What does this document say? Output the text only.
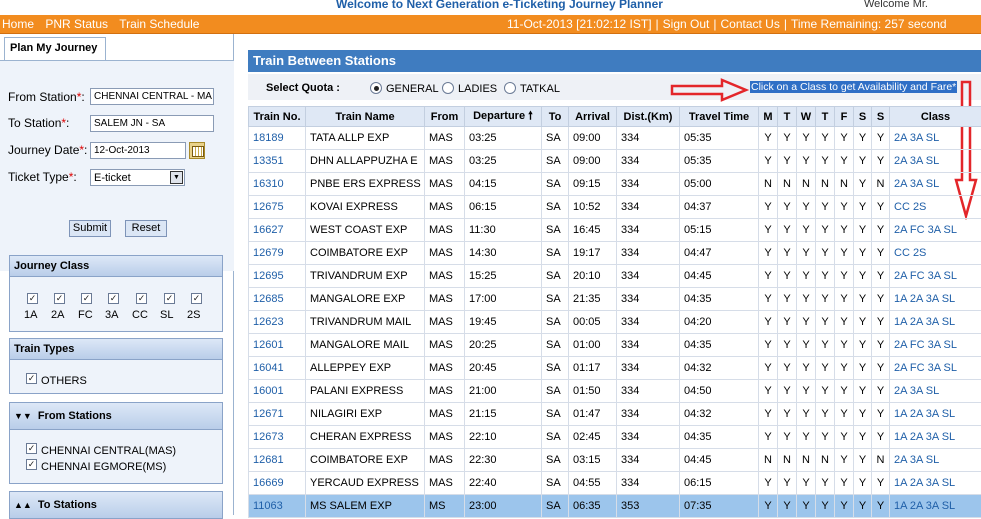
Welcome to Next Generation e-Ticketing Journey Planner	Welcome Mr.
Home PNR Status Train Schedule	11-Oct-2013 [21:02:12 IST] | Sign Out | Contact Us | Time Remaining: 257 second
Plan My Journey
From Station*: CHENNAI CENTRAL - MA
To Station*:	SALEM JN - SA
Journey Date*: 12-Oct-2013
Ticket Type*:	E-ticket	▼
Submit	Reset
Journey Class
✓ ✓ ✓ ✓ ✓ ✓ ✓
1A 2A FC 3A CC SL 2S
Train Types
✓ OTHERS
▼▼ From Stations
✓ CHENNAI CENTRAL(MAS)
✓ CHENNAI EGMORE(MS)
▲▲ To Stations
Train Between Stations
Select Quota :	GENERAL LADIES TATKAL	Click on a Class to get Availability and Fare*
Train No.	Train Name	From	Departure 🠕	To	Arrival	Dist.(Km)	Travel Time	M	T	W	T	F	S	S	Class
18189	TATA ALLP EXP	MAS	03:25	SA	09:00	334	05:35	Y	Y	Y	Y	Y	Y	Y	2A 3A SL
13351	DHN ALLAPPUZHA E	MAS	03:25	SA	09:00	334	05:35	Y	Y	Y	Y	Y	Y	Y	2A 3A SL
16310	PNBE ERS EXPRESS	MAS	04:15	SA	09:15	334	05:00	N	N	N	N	N	Y	N	2A 3A SL
12675	KOVAI EXPRESS	MAS	06:15	SA	10:52	334	04:37	Y	Y	Y	Y	Y	Y	Y	CC 2S
16627	WEST COAST EXP	MAS	11:30	SA	16:45	334	05:15	Y	Y	Y	Y	Y	Y	Y	2A FC 3A SL
12679	COIMBATORE EXP	MAS	14:30	SA	19:17	334	04:47	Y	Y	Y	Y	Y	Y	Y	CC 2S
12695	TRIVANDRUM EXP	MAS	15:25	SA	20:10	334	04:45	Y	Y	Y	Y	Y	Y	Y	2A FC 3A SL
12685	MANGALORE EXP	MAS	17:00	SA	21:35	334	04:35	Y	Y	Y	Y	Y	Y	Y	1A 2A 3A SL
12623	TRIVANDRUM MAIL	MAS	19:45	SA	00:05	334	04:20	Y	Y	Y	Y	Y	Y	Y	1A 2A 3A SL
12601	MANGALORE MAIL	MAS	20:25	SA	01:00	334	04:35	Y	Y	Y	Y	Y	Y	Y	2A FC 3A SL
16041	ALLEPPEY EXP	MAS	20:45	SA	01:17	334	04:32	Y	Y	Y	Y	Y	Y	Y	2A FC 3A SL
16001	PALANI EXPRESS	MAS	21:00	SA	01:50	334	04:50	Y	Y	Y	Y	Y	Y	Y	2A 3A SL
12671	NILAGIRI EXP	MAS	21:15	SA	01:47	334	04:32	Y	Y	Y	Y	Y	Y	Y	1A 2A 3A SL
12673	CHERAN EXPRESS	MAS	22:10	SA	02:45	334	04:35	Y	Y	Y	Y	Y	Y	Y	1A 2A 3A SL
12681	COIMBATORE EXP	MAS	22:30	SA	03:15	334	04:45	N	N	N	N	Y	Y	N	2A 3A SL
16669	YERCAUD EXPRESS	MAS	22:40	SA	04:55	334	06:15	Y	Y	Y	Y	Y	Y	Y	1A 2A 3A SL
11063	MS SALEM EXP	MS	23:00	SA	06:35	353	07:35	Y	Y	Y	Y	Y	Y	Y	1A 2A 3A SL
